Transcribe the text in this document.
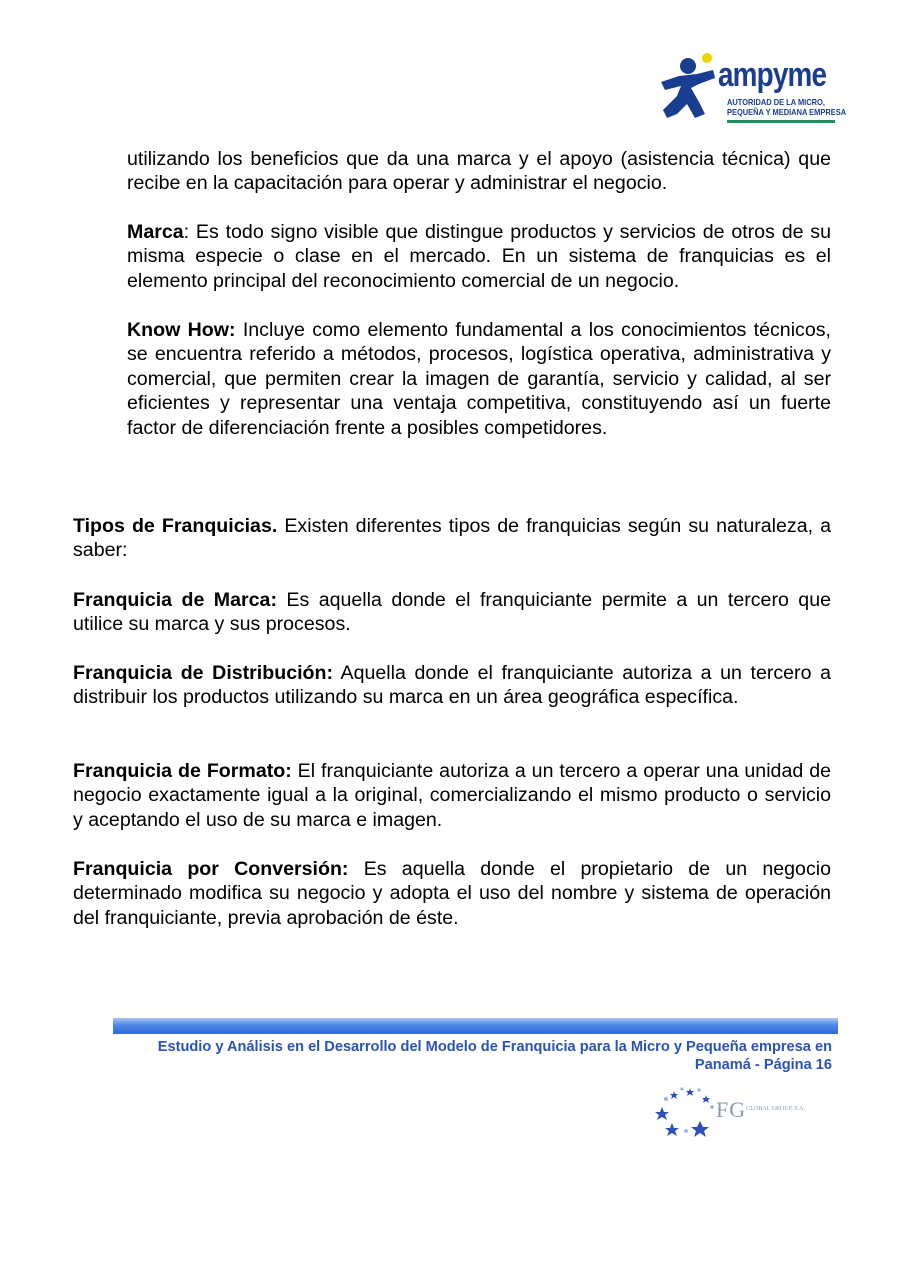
ampyme
AUTORIDAD DE LA MICRO,
PEQUEÑA Y MEDIANA EMPRESA

utilizando los beneficios que da una marca y el apoyo (asistencia técnica) que recibe en la capacitación para operar y administrar el negocio.

Marca: Es todo signo visible que distingue productos y servicios de otros de su misma especie o clase en el mercado. En un sistema de franquicias es el elemento principal del reconocimiento comercial de un negocio.

Know How: Incluye como elemento fundamental a los conocimientos técnicos, se encuentra referido a métodos, procesos, logística operativa, administrativa y comercial, que permiten crear la imagen de garantía, servicio y calidad, al ser eficientes y representar una ventaja competitiva, constituyendo así un fuerte factor de diferenciación frente a posibles competidores.

Tipos de Franquicias. Existen diferentes tipos de franquicias según su naturaleza, a saber:

Franquicia de Marca: Es aquella donde el franquiciante permite a un tercero que utilice su marca y sus procesos.

Franquicia de Distribución: Aquella donde el franquiciante autoriza a un tercero a distribuir los productos utilizando su marca en un área geográfica específica.

Franquicia de Formato: El franquiciante autoriza a un tercero a operar una unidad de negocio exactamente igual a la original, comercializando el mismo producto o servicio y aceptando el uso de su marca e imagen.

Franquicia por Conversión: Es aquella donde el propietario de un negocio determinado modifica su negocio y adopta el uso del nombre y sistema de operación del franquiciante, previa aprobación de éste.

Estudio y Análisis en el Desarrollo del Modelo de Franquicia para la Micro y Pequeña empresa en
Panamá - Página 16
FG GLOBAL GROUP, S.A.
